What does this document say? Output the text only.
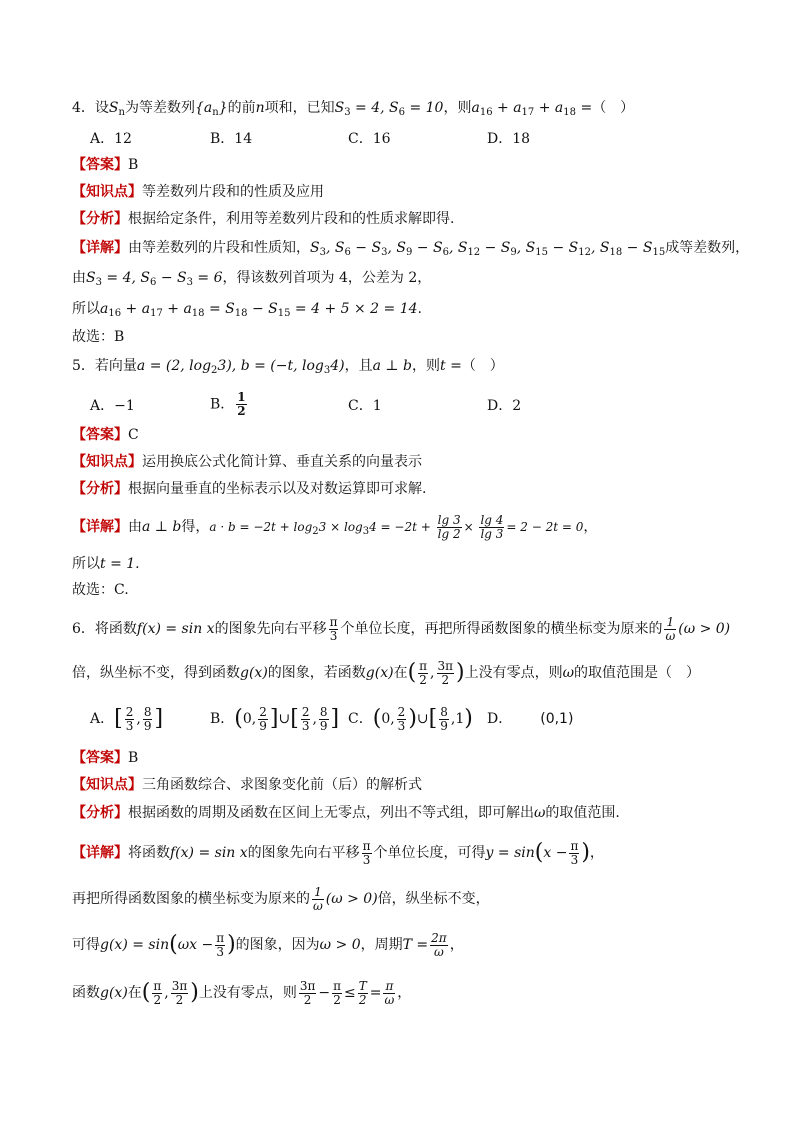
4．设$S_n$为等差数列$\{a_n\}$的前n项和，已知$S_3 = 4$, $S_6 = 10$，则$a_{16} + a_{17} + a_{18}$ =（　）
A．12	B．14	C．16	D．18
【答案】B
【知识点】等差数列片段和的性质及应用
【分析】根据给定条件，利用等差数列片段和的性质求解即得.
【详解】由等差数列的片段和性质知，$S_3$, $S_6 - S_3$, $S_9 - S_6$, $S_{12} - S_9$, $S_{15} - S_{12}$, $S_{18} - S_{15}$成等差数列，
由$S_3 = 4$, $S_6 - S_3 = 6$，得该数列首项为 4，公差为 2，
所以$a_{16} + a_{17} + a_{18} = S_{18} - S_{15} = 4 + 5 \times 2 = 14$.
故选：B
5．若向量a = (2, $\log_23$), b = (−t, $\log_34$)，且a ⊥ b，则t =（　）
A．−1	B． $\frac{1}{2}$	C．1	D．2
【答案】C
【知识点】运用换底公式化简计算、垂直关系的向量表示
【分析】根据向量垂直的坐标表示以及对数运算即可求解.
【详解】由a ⊥ b得，$a \cdot b = -2t + \log_23 \times \log_34 = -2t + \frac{\lg 3}{\lg 2} \times \frac{\lg 4}{\lg 3} = 2 - 2t = 0$，
所以t = 1.
故选：C.
6．将函数f(x) = sin x的图象先向右平移 $\frac{\pi}{3}$ 个单位长度，再把所得函数图象的横坐标变为原来的 $\frac{1}{\omega} (\omega > 0)$
倍，纵坐标不变，得到函数g(x)的图象，若函数g(x)在( $\frac{\pi}{2}$ , $\frac{3\pi}{2}$ )上没有零点，则ω的取值范围是（　）
A．[ $\frac{2}{3}$ , $\frac{8}{9}$ ]	B．(0, $\frac{2}{9}$ ]∪[ $\frac{2}{3}$ , $\frac{8}{9}$ ] C．(0, $\frac{2}{3}$ )∪[ $\frac{8}{9} ,1$) D． (0,1)
【答案】B
【知识点】三角函数综合、求图象变化前（后）的解析式
【分析】根据函数的周期及函数在区间上无零点，列出不等式组，即可解出ω的取值范围.
【详解】将函数f(x) = sin x的图象先向右平移 $\frac{\pi}{3}$ 个单位长度，可得$y = \sin(x - \frac{\pi}{3}$ )，
再把所得函数图象的横坐标变为原来的 $\frac{1}{\omega} (\omega > 0)$倍，纵坐标不变，
可得$g(x) = \sin(\omega x - \frac{\pi}{3}$ )的图象，因为ω > 0，周期$T = \frac{2\pi}{\omega}$ ，
函数g(x)在( $\frac{\pi}{2}$ , $\frac{3\pi}{2}$ )上没有零点，则 $\frac{3\pi}{2} - \frac{\pi}{2} \le \frac{T}{2} = \frac{\pi}{\omega}$ ，
